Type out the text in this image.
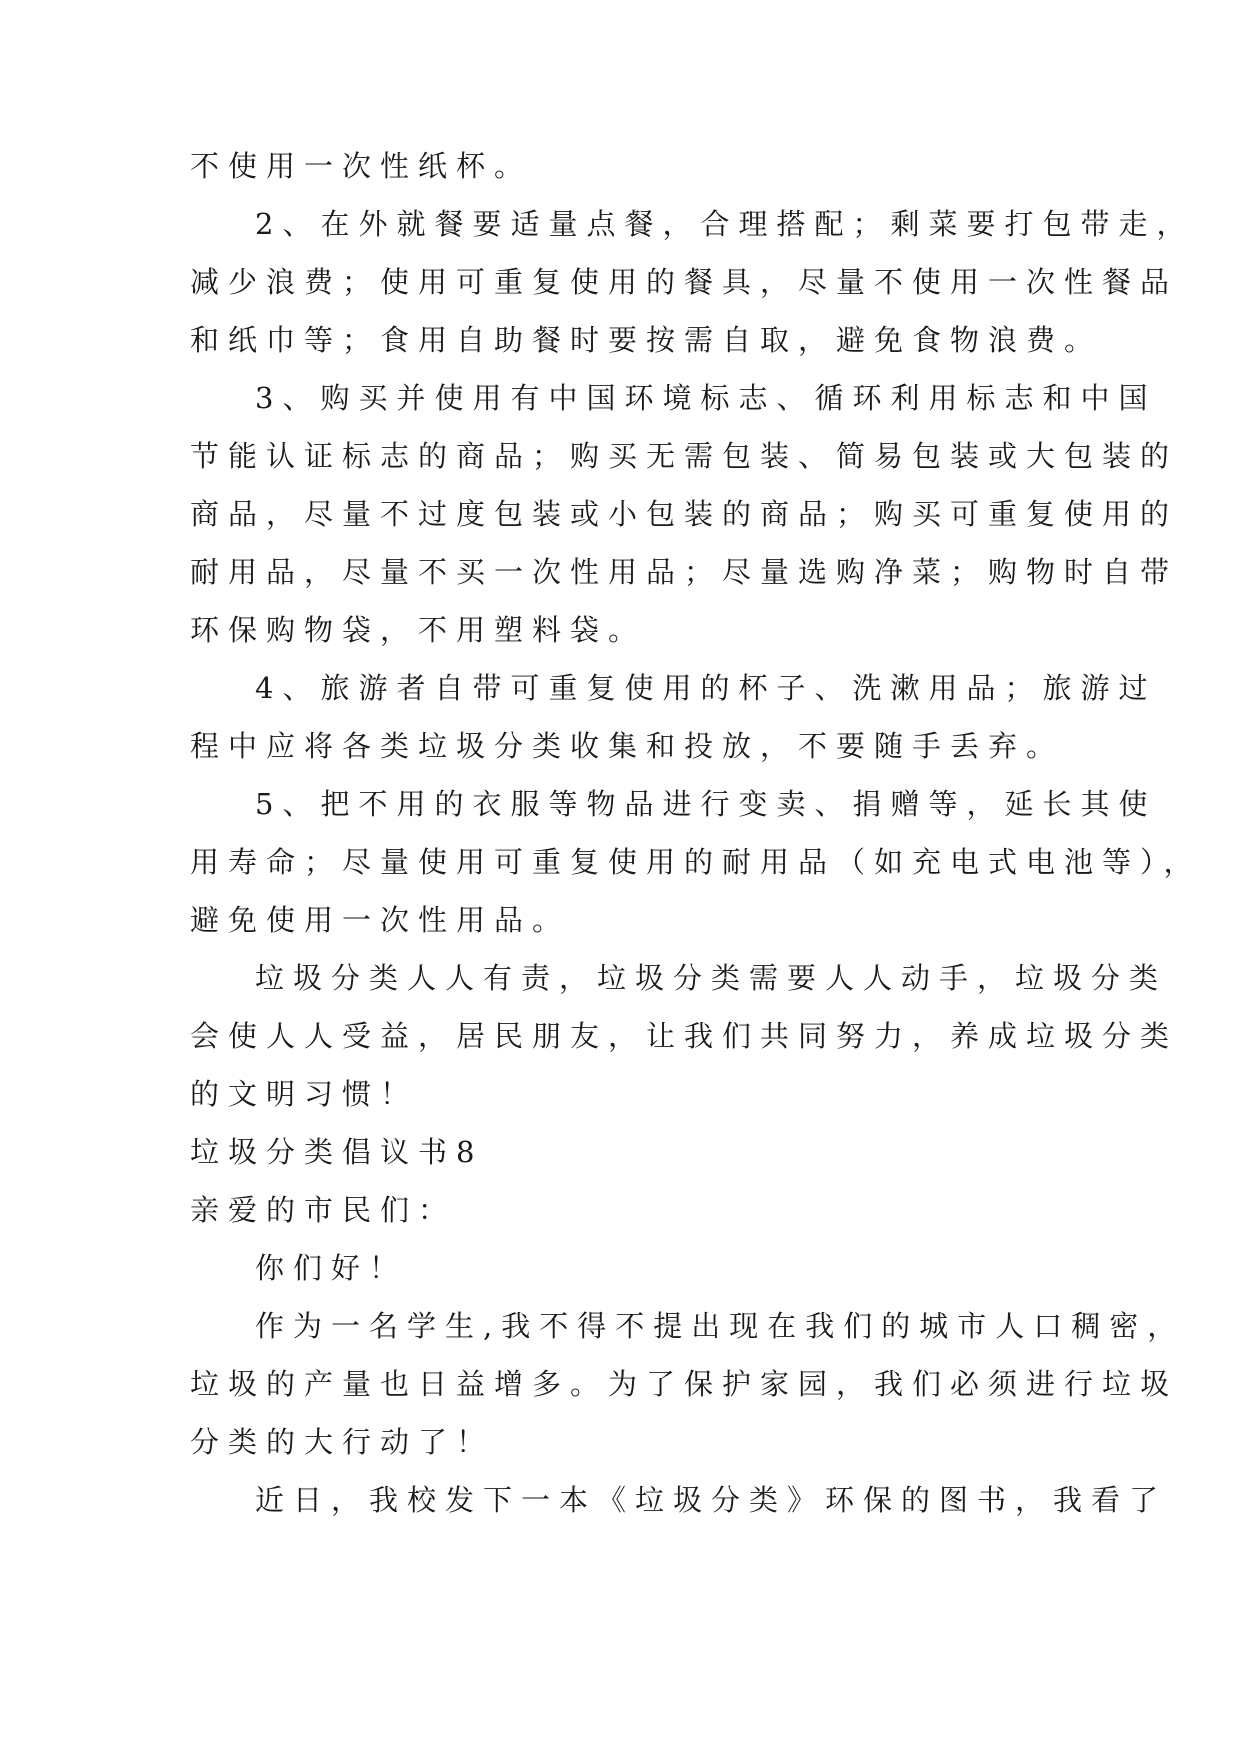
不使用一次性纸杯。
2、在外就餐要适量点餐，合理搭配；剩菜要打包带走，
减少浪费；使用可重复使用的餐具，尽量不使用一次性餐品
和纸巾等；食用自助餐时要按需自取，避免食物浪费。
3、购买并使用有中国环境标志、循环利用标志和中国
节能认证标志的商品；购买无需包装、简易包装或大包装的
商品，尽量不过度包装或小包装的商品；购买可重复使用的
耐用品，尽量不买一次性用品；尽量选购净菜；购物时自带
环保购物袋，不用塑料袋。
4、旅游者自带可重复使用的杯子、洗漱用品；旅游过
程中应将各类垃圾分类收集和投放，不要随手丢弃。
5、把不用的衣服等物品进行变卖、捐赠等，延长其使
用寿命；尽量使用可重复使用的耐用品（如充电式电池等），
避免使用一次性用品。
垃圾分类人人有责，垃圾分类需要人人动手，垃圾分类
会使人人受益，居民朋友，让我们共同努力，养成垃圾分类
的文明习惯！
垃圾分类倡议书8
亲爱的市民们：
你们好！
作为一名学生,我不得不提出现在我们的城市人口稠密，
垃圾的产量也日益增多。为了保护家园，我们必须进行垃圾
分类的大行动了！
近日，我校发下一本《垃圾分类》环保的图书，我看了
